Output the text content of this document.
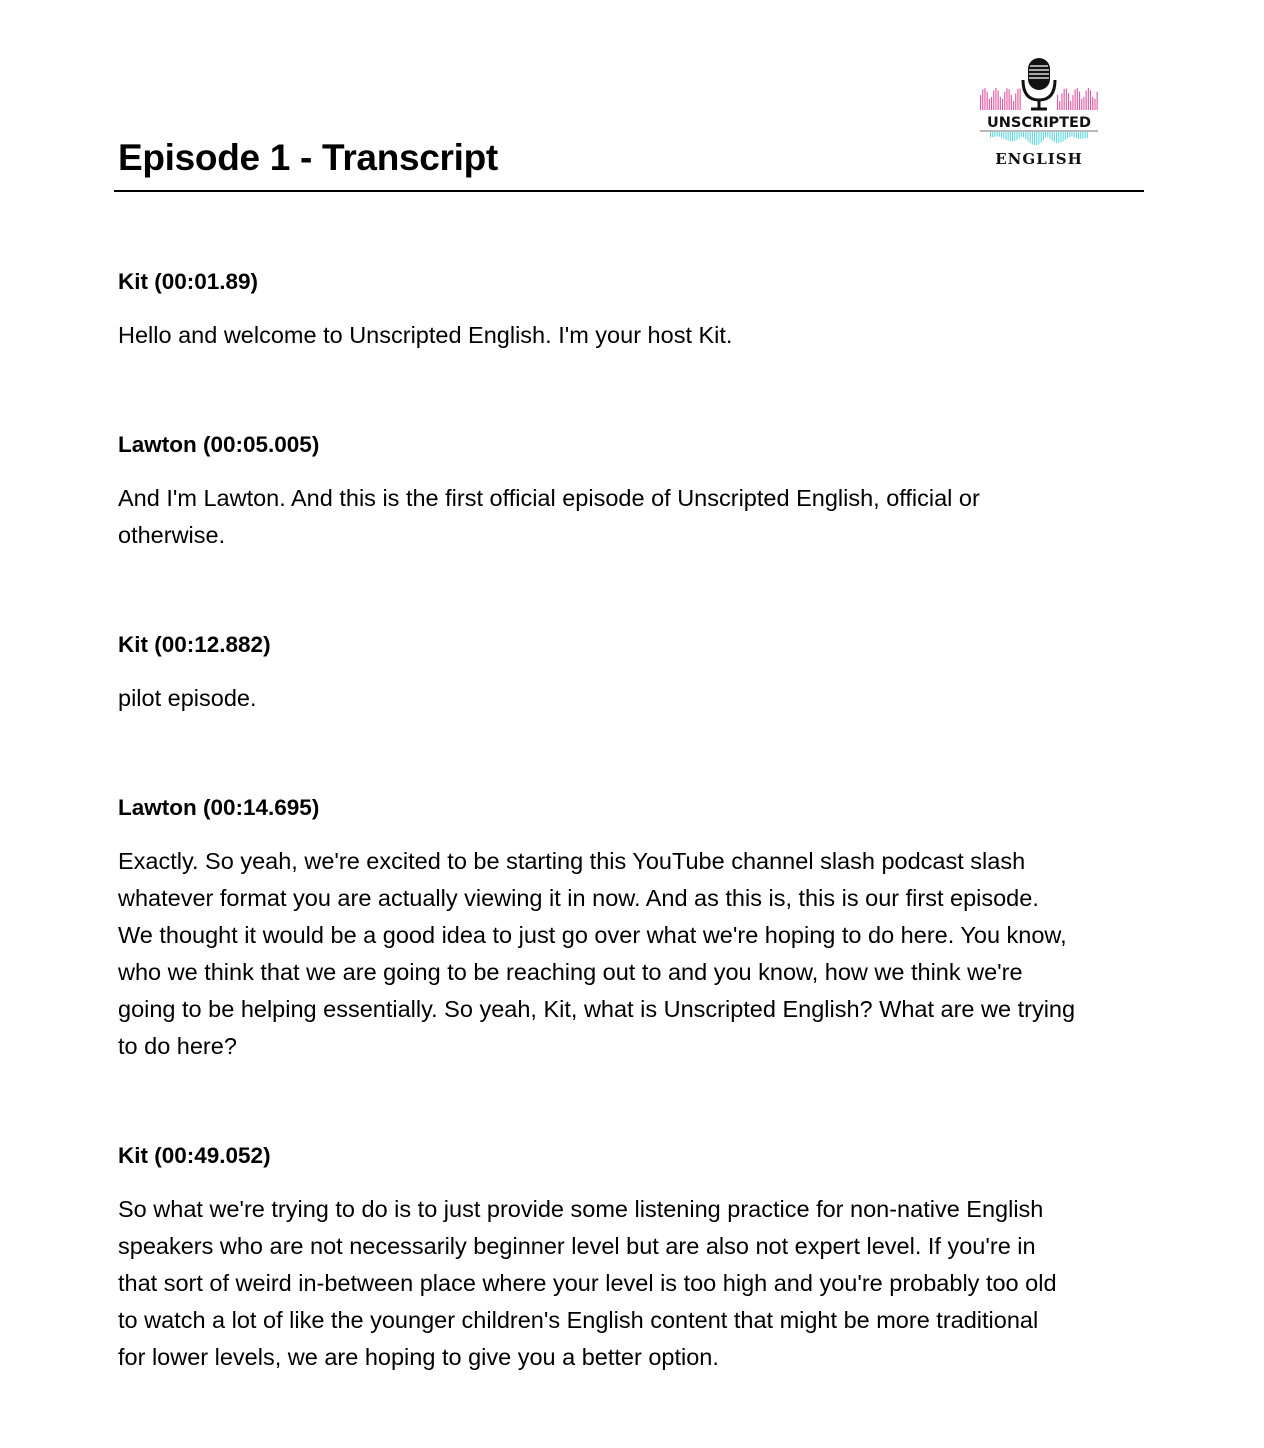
Episode 1 - Transcript
UNSCRIPTED
ENGLISH
Kit (00:01.89)
Hello and welcome to Unscripted English. I'm your host Kit.
Lawton (00:05.005)
And I'm Lawton. And this is the first official episode of Unscripted English, official or
otherwise.
Kit (00:12.882)
pilot episode.
Lawton (00:14.695)
Exactly. So yeah, we're excited to be starting this YouTube channel slash podcast slash
whatever format you are actually viewing it in now. And as this is, this is our first episode.
We thought it would be a good idea to just go over what we're hoping to do here. You know,
who we think that we are going to be reaching out to and you know, how we think we're
going to be helping essentially. So yeah, Kit, what is Unscripted English? What are we trying
to do here?
Kit (00:49.052)
So what we're trying to do is to just provide some listening practice for non-native English
speakers who are not necessarily beginner level but are also not expert level. If you're in
that sort of weird in-between place where your level is too high and you're probably too old
to watch a lot of like the younger children's English content that might be more traditional
for lower levels, we are hoping to give you a better option.
